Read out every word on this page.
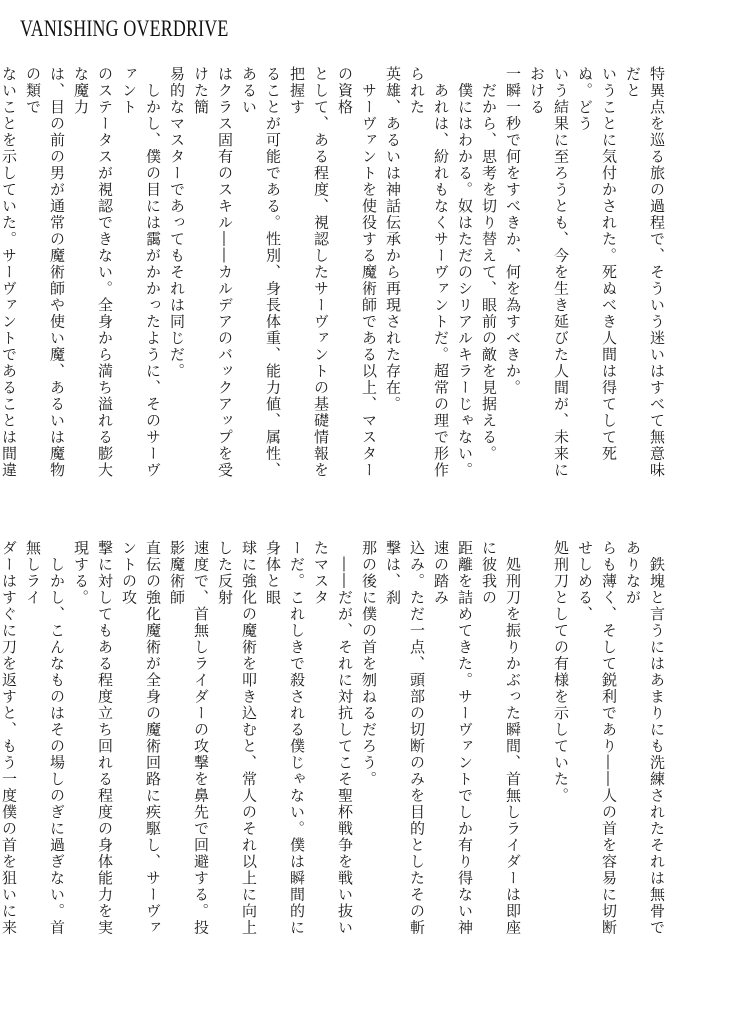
VANISHING OVERDRIVE

特異点を巡る旅の過程で、そういう迷いはすべて無意味だと

いうことに気付かされた。死ぬべき人間は得てして死ぬ。どう

いう結果に至ろうとも、今を生き延びた人間が、未来における

一瞬一秒で何をすべきか、何を為すべきか。

　だから、思考を切り替えて、眼前の敵を見据える。

　僕にはわかる。奴はただのシリアルキラーじゃない。

　あれは、紛れもなくサーヴァントだ。超常の理で形作られた

英雄、あるいは神話伝承から再現された存在。

　サーヴァントを使役する魔術師である以上、マスターの資格

として、ある程度、視認したサーヴァントの基礎情報を把握す

ることが可能である。性別、身長体重、能力値、属性、あるい

はクラス固有のスキル――カルデアのバックアップを受けた簡

易的なマスターであってもそれは同じだ。

　しかし、僕の目には靄がかかったように、そのサーヴァント

のステータスが視認できない。全身から満ち溢れる膨大な魔力

は、目の前の男が通常の魔術師や使い魔、あるいは魔物の類で

ないことを示していた。サーヴァントであることは間違

　鉄塊と言うにはあまりにも洗練されたそれは無骨でありなが

らも薄く、そして鋭利であり――人の首を容易に切断せしめる、

処刑刀としての有様を示していた。

　処刑刀を振りかぶった瞬間、首無しライダーは即座に彼我の

距離を詰めてきた。サーヴァントでしか有り得ない神速の踏み

込み。ただ一点、頭部の切断のみを目的としたその斬撃は、刹

那の後に僕の首を刎ねるだろう。

　――だが、それに対抗してこそ聖杯戦争を戦い抜いたマスタ

ーだ。これしきで殺される僕じゃない。僕は瞬間的に身体と眼

球に強化の魔術を叩き込むと、常人のそれ以上に向上した反射

速度で、首無しライダーの攻撃を鼻先で回避する。投影魔術師

直伝の強化魔術が全身の魔術回路に疾駆し、サーヴァントの攻

撃に対してもある程度立ち回れる程度の身体能力を実現する。

　しかし、こんなものはその場しのぎに過ぎない。首無しライ

ダーはすぐに刀を返すと、もう一度僕の首を狙いに来
